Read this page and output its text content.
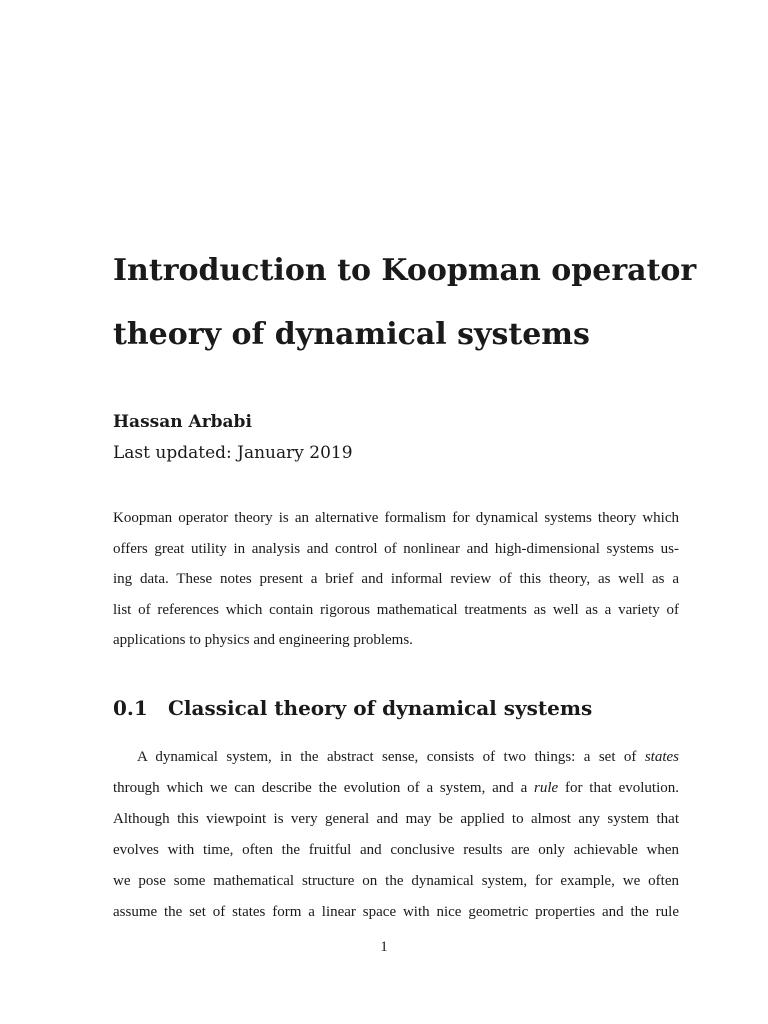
Introduction to Koopman operator
theory of dynamical systems
Hassan Arbabi
Last updated: January 2019
Koopman operator theory is an alternative formalism for dynamical systems theory which
offers great utility in analysis and control of nonlinear and high-dimensional systems us-
ing data. These notes present a brief and informal review of this theory, as well as a
list of references which contain rigorous mathematical treatments as well as a variety of
applications to physics and engineering problems.
0.1 Classical theory of dynamical systems
A dynamical system, in the abstract sense, consists of two things: a set of states
through which we can describe the evolution of a system, and a rule for that evolution.
Although this viewpoint is very general and may be applied to almost any system that
evolves with time, often the fruitful and conclusive results are only achievable when
we pose some mathematical structure on the dynamical system, for example, we often
assume the set of states form a linear space with nice geometric properties and the rule
1
